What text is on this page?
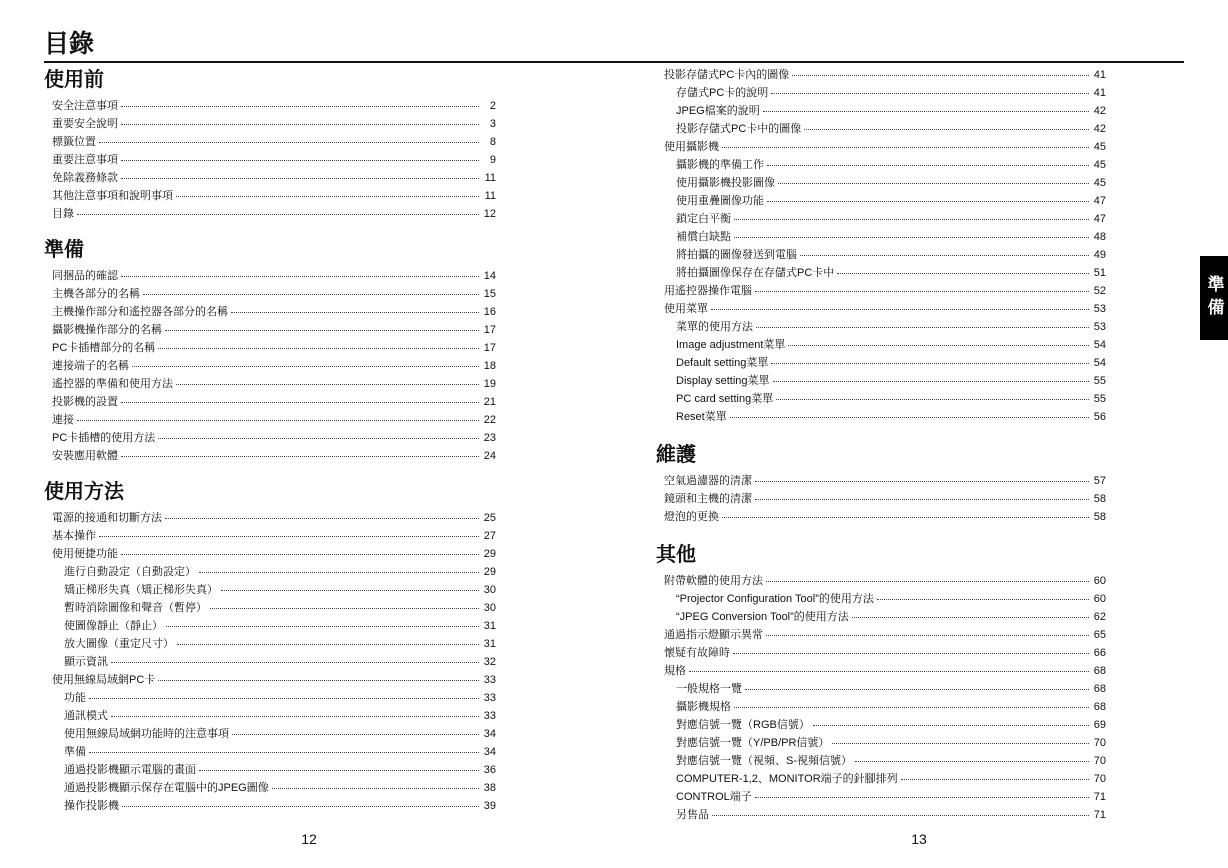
目錄
使用前
安全注意事項	2
重要安全說明	3
標籤位置	8
重要注意事項	9
免除義務條款	11
其他注意事項和說明事項	11
目錄	12
準備
同捆品的確認	14
主機各部分的名稱	15
主機操作部分和遙控器各部分的名稱	16
攝影機操作部分的名稱	17
PC卡插槽部分的名稱	17
連接端子的名稱	18
遙控器的準備和使用方法	19
投影機的設置	21
連接	22
PC卡插槽的使用方法	23
安裝應用軟體	24
使用方法
電源的接通和切斷方法	25
基本操作	27
使用便捷功能	29
進行自動設定（自動設定）	29
矯正梯形失真（矯正梯形失真）	30
暫時消除圖像和聲音（暫停）	30
使圖像靜止（靜止）	31
放大圖像（重定尺寸）	31
顯示資訊	32
使用無線局域網PC卡	33
功能	33
通訊模式	33
使用無線局域網功能時的注意事項	34
準備	34
通過投影機顯示電腦的畫面	36
通過投影機顯示保存在電腦中的JPEG圖像	38
操作投影機	39
投影存儲式PC卡內的圖像	41
存儲式PC卡的說明	41
JPEG檔案的說明	42
投影存儲式PC卡中的圖像	42
使用攝影機	45
攝影機的準備工作	45
使用攝影機投影圖像	45
使用重疊圖像功能	47
鎖定白平衡	47
補償白缺點	48
將拍攝的圖像發送到電腦	49
將拍攝圖像保存在存儲式PC卡中	51
用遙控器操作電腦	52
使用菜單	53
菜單的使用方法	53
Image adjustment菜單	54
Default setting菜單	54
Display setting菜單	55
PC card setting菜單	55
Reset菜單	56
維護
空氣過濾器的清潔	57
鏡頭和主機的清潔	58
燈泡的更換	58
其他
附帶軟體的使用方法	60
“Projector Configuration Tool”的使用方法	60
“JPEG Conversion Tool”的使用方法	62
通過指示燈顯示異常	65
懷疑有故障時	66
規格	68
一般規格一覽	68
攝影機規格	68
對應信號一覽（RGB信號）	69
對應信號一覽（Y/PB/PR信號）	70
對應信號一覽（視頻、S-視頻信號）	70
COMPUTER-1,2、MONITOR端子的針腳排列	70
CONTROL端子	71
另售品	71
12	13
準備
